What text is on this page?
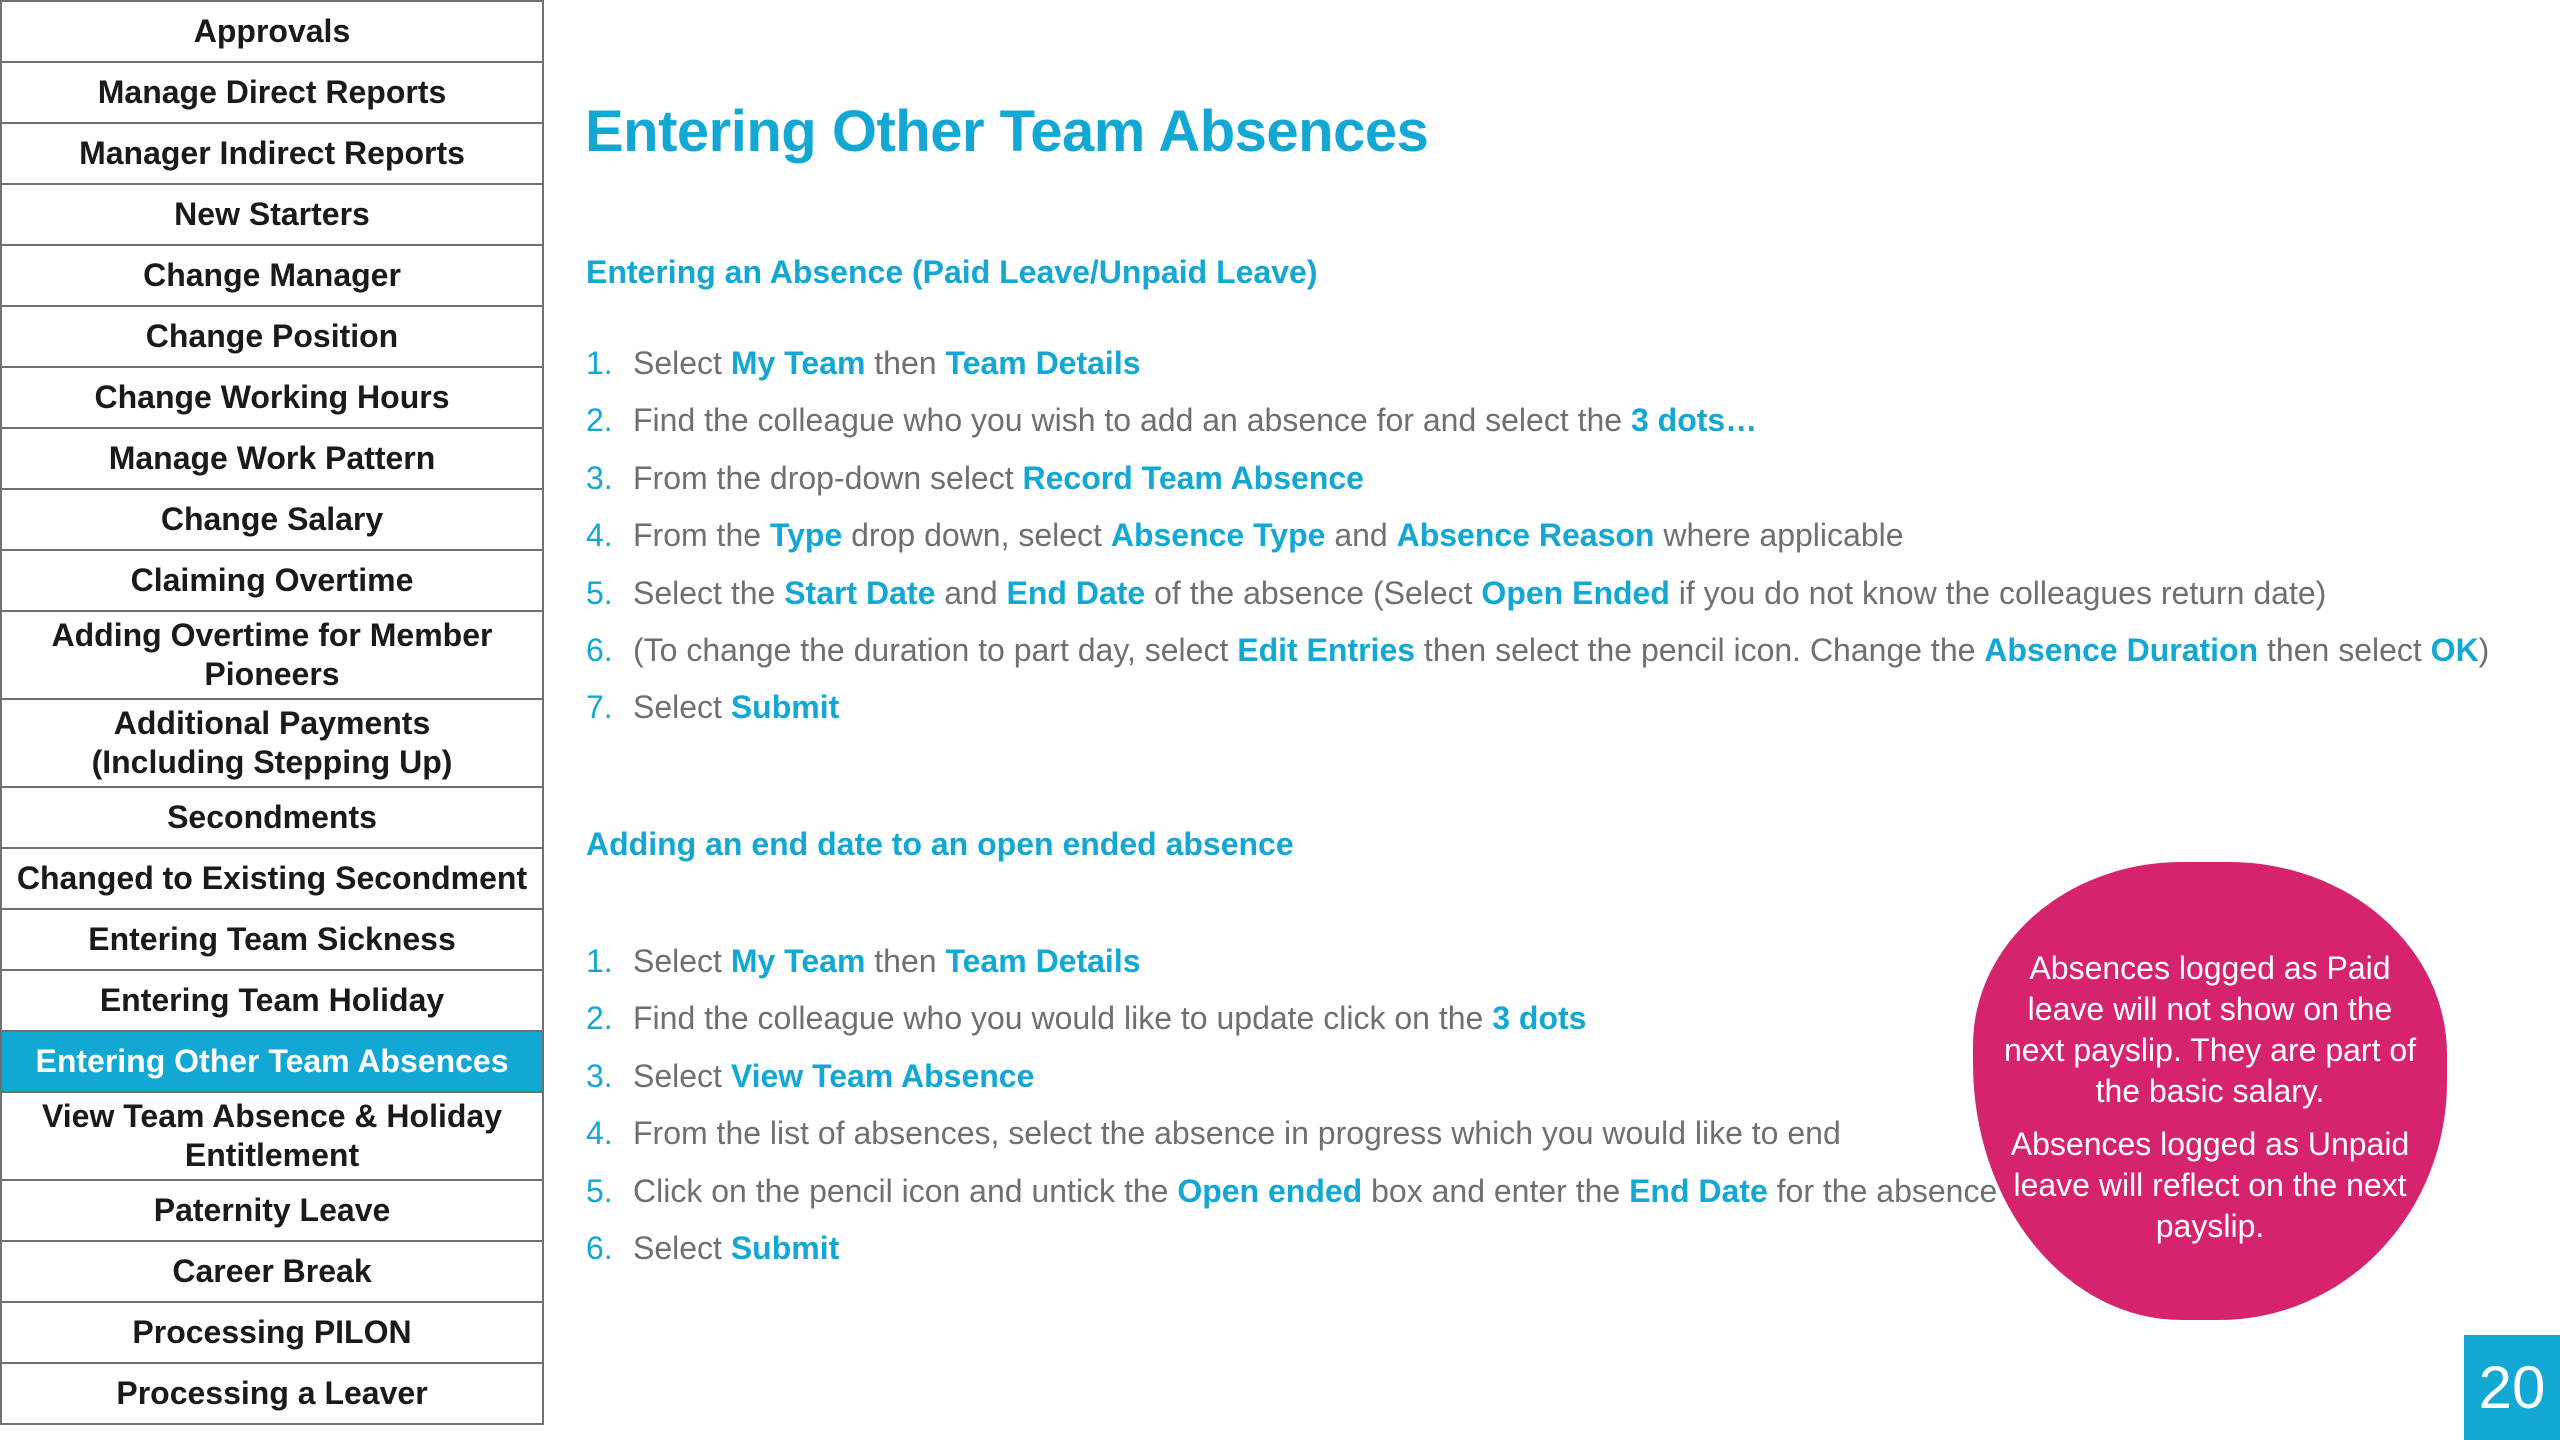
Approvals
Manage Direct Reports
Manager Indirect Reports
New Starters
Change Manager
Change Position
Change Working Hours
Manage Work Pattern
Change Salary
Claiming Overtime
Adding Overtime for Member
Pioneers
Additional Payments
(Including Stepping Up)
Secondments
Changed to Existing Secondment
Entering Team Sickness
Entering Team Holiday
Entering Other Team Absences
View Team Absence & Holiday
Entitlement
Paternity Leave
Career Break
Processing PILON
Processing a Leaver
Entering Other Team Absences
Entering an Absence (Paid Leave/Unpaid Leave)
1. Select My Team then Team Details
2. Find the colleague who you wish to add an absence for and select the 3 dots…
3. From the drop-down select Record Team Absence
4. From the Type drop down, select Absence Type and Absence Reason where applicable
5. Select the Start Date and End Date of the absence (Select Open Ended if you do not know the colleagues return date)
6. (To change the duration to part day, select Edit Entries then select the pencil icon. Change the Absence Duration then select OK)
7. Select Submit
Adding an end date to an open ended absence
1. Select My Team then Team Details
2. Find the colleague who you would like to update click on the 3 dots
3. Select View Team Absence
4. From the list of absences, select the absence in progress which you would like to end
5. Click on the pencil icon and untick the Open ended box and enter the End Date for the absence
6. Select Submit

Absences logged as Paid leave will not show on the next payslip. They are part of the basic salary.

Absences logged as Unpaid leave will reflect on the next payslip.

20
